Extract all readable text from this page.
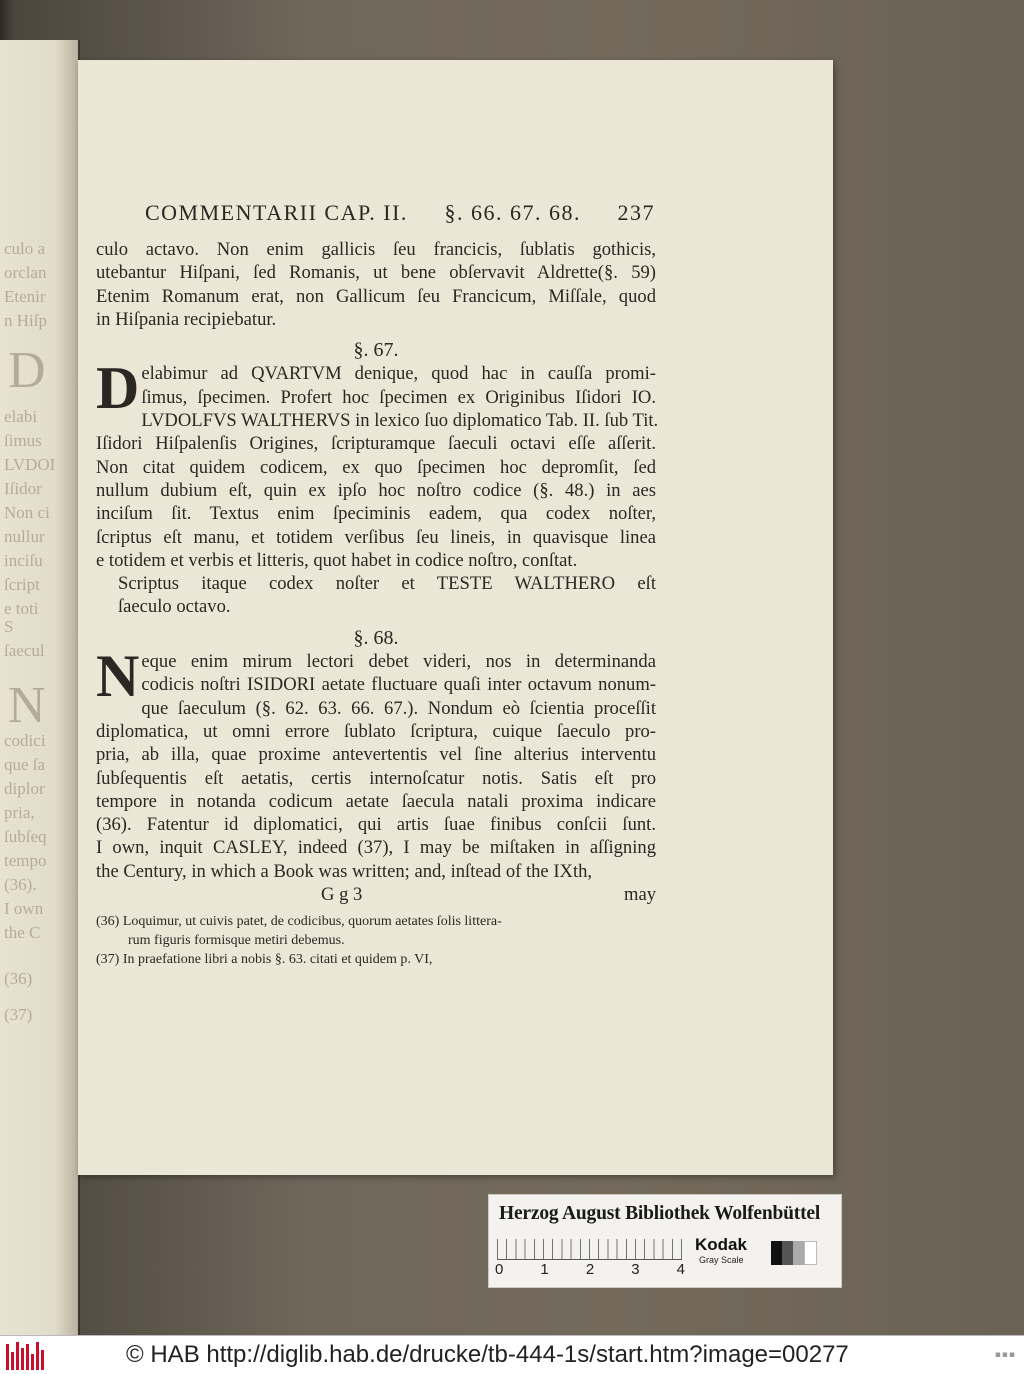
culo a
orclan
Etenir
n Hiſp
D
elabi
ſimus
LVDOI
Iſidor
Non ci
nullur
inciſu
ſcript
e toti
S
ſaecul
N
codici
que ſa
diplor
pria,
ſubſeq
tempo
(36).
I own
the C
(36)
(37)
COMMENTARII CAP. II. §. 66. 67. 68. 237
culo actavo. Non enim gallicis ſeu francicis, ſublatis gothicis,
utebantur Hiſpani, ſed Romanis, ut bene obſervavit Aldrette(§. 59)
Etenim Romanum erat, non Gallicum ſeu Francicum, Miſſale, quod
in Hiſpania recipiebatur.
§. 67.
D elabimur ad QVARTVM denique, quod hac in cauſſa promi-
ſimus, ſpecimen. Profert hoc ſpecimen ex Originibus Iſidori IO.
LVDOLFVS WALTHERVS in lexico ſuo diplomatico Tab. II. ſub Tit.
Iſidori Hiſpalenſis Origines, ſcripturamque ſaeculi octavi eſſe aſſerit.
Non citat quidem codicem, ex quo ſpecimen hoc depromſit, ſed
nullum dubium eſt, quin ex ipſo hoc noſtro codice (§. 48.) in aes
inciſum ſit. Textus enim ſpeciminis eadem, qua codex noſter,
ſcriptus eſt manu, et totidem verſibus ſeu lineis, in quavisque linea
e totidem et verbis et litteris, quot habet in codice noſtro, conſtat.
Scriptus itaque codex noſter et TESTE WALTHERO eſt
ſaeculo octavo.
§. 68.
N eque enim mirum lectori debet videri, nos in determinanda
codicis noſtri ISIDORI aetate fluctuare quaſi inter octavum nonum-
que ſaeculum (§. 62. 63. 66. 67.). Nondum eò ſcientia proceſſit
diplomatica, ut omni errore ſublato ſcriptura, cuique ſaeculo pro-
pria, ab illa, quae proxime antevertentis vel ſine alterius interventu
ſubſequentis eſt aetatis, certis internoſcatur notis. Satis eſt pro
tempore in notanda codicum aetate ſaecula natali proxima indicare
(36). Fatentur id diplomatici, qui artis ſuae finibus conſcii ſunt.
I own, inquit CASLEY, indeed (37), I may be miſtaken in aſſigning
the Century, in which a Book was written; and, inſtead of the IXth,
G g 3	may
(36) Loquimur, ut cuivis patet, de codicibus, quorum aetates ſolis littera-
rum figuris formisque metiri debemus.
(37) In praefatione libri a nobis §. 63. citati et quidem p. VI,
Herzog August Bibliothek Wolfenbüttel
0 1 2 3 4
Kodak
Gray Scale
© HAB http://diglib.hab.de/drucke/tb-444-1s/start.htm?image=00277	▪▪▪
